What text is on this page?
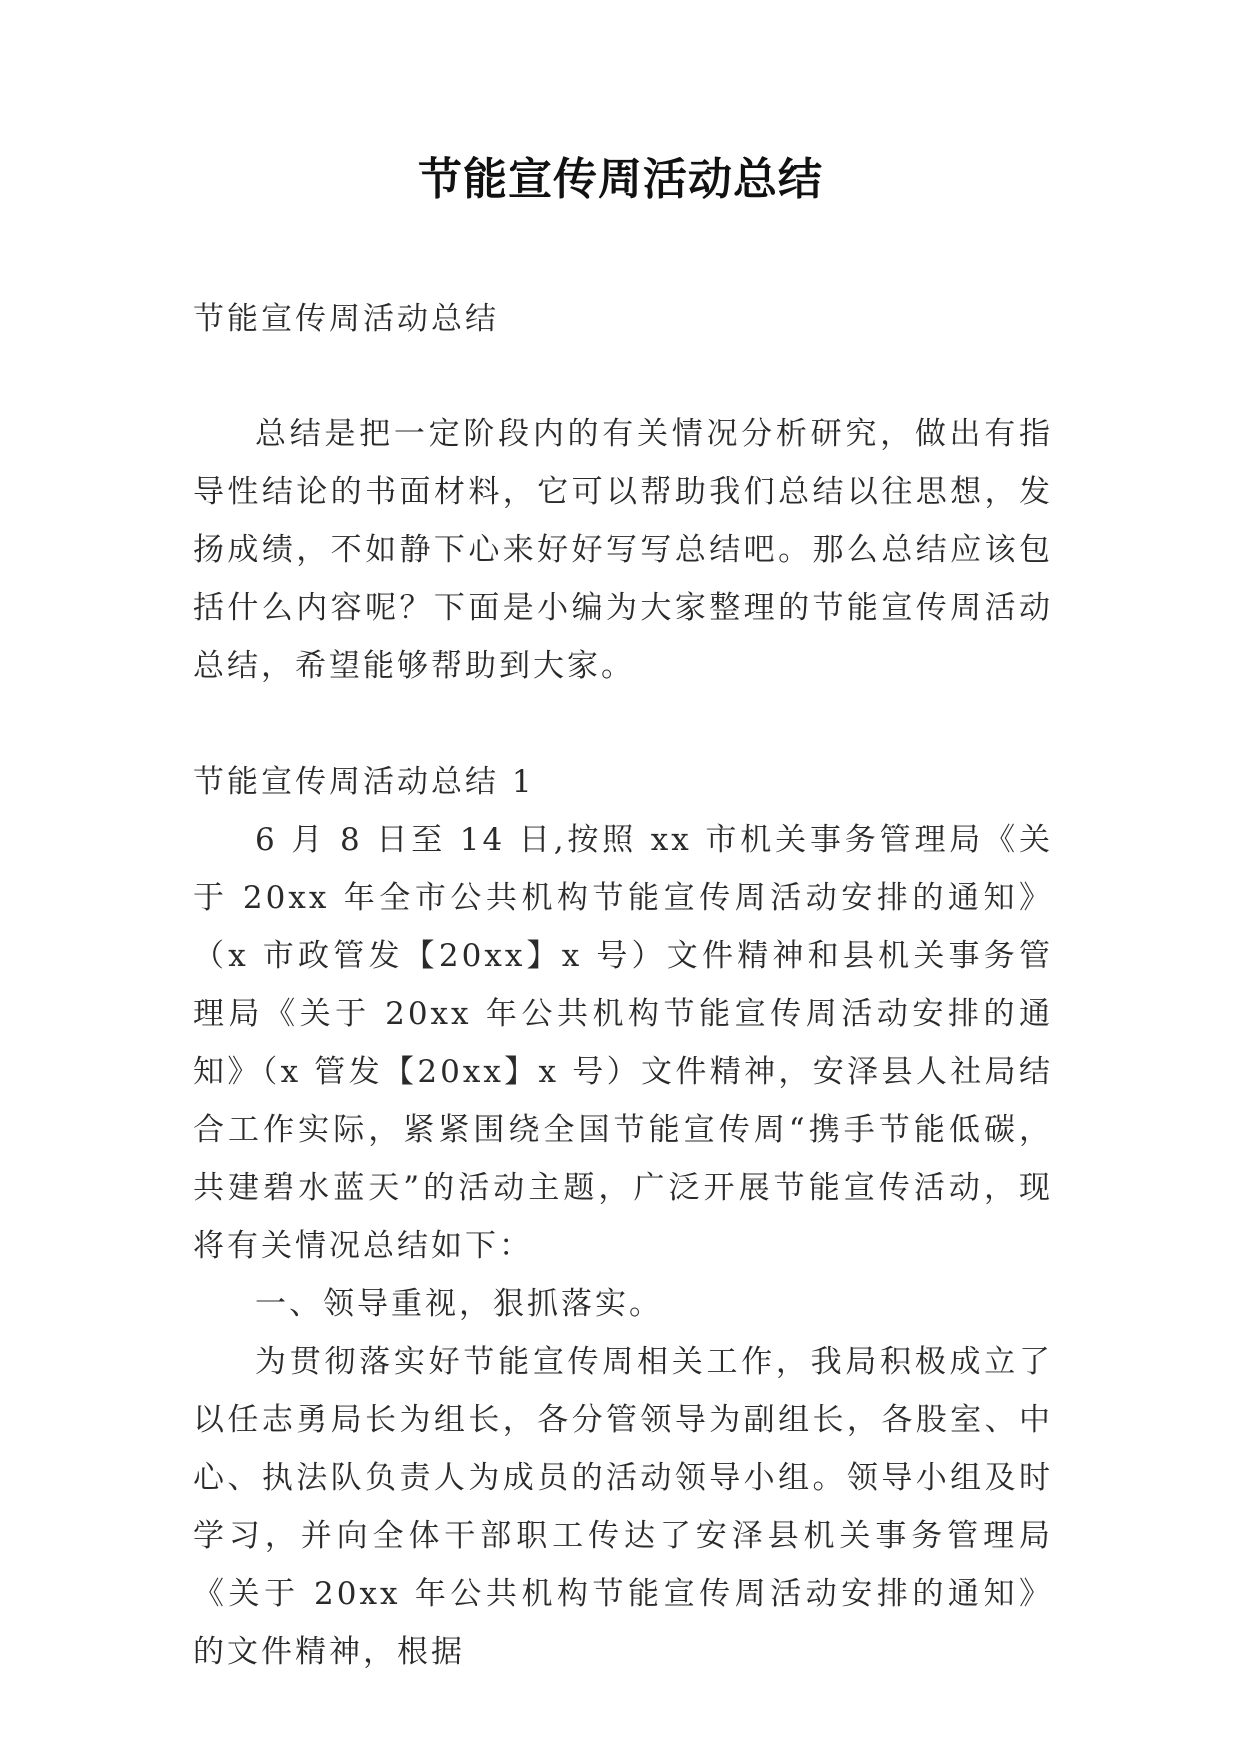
节能宣传周活动总结
节能宣传周活动总结

总结是把一定阶段内的有关情况分析研究，做出有指导性结论的书面材料，它可以帮助我们总结以往思想，发扬成绩，不如静下心来好好写写总结吧。那么总结应该包括什么内容呢？下面是小编为大家整理的节能宣传周活动总结，希望能够帮助到大家。

节能宣传周活动总结 1

6 月 8 日至 14 日,按照 xx 市机关事务管理局《关于 20xx 年全市公共机构节能宣传周活动安排的通知》（x 市政管发【20xx】x 号）文件精神和县机关事务管理局《关于 20xx 年公共机构节能宣传周活动安排的通知》（x 管发【20xx】x 号）文件精神，安泽县人社局结合工作实际，紧紧围绕全国节能宣传周“携手节能低碳，共建碧水蓝天”的活动主题，广泛开展节能宣传活动，现将有关情况总结如下：

一、领导重视，狠抓落实。

为贯彻落实好节能宣传周相关工作，我局积极成立了以任志勇局长为组长，各分管领导为副组长，各股室、中心、执法队负责人为成员的活动领导小组。领导小组及时学习，并向全体干部职工传达了安泽县机关事务管理局《关于 20xx 年公共机构节能宣传周活动安排的通知》的文件精神，根据
